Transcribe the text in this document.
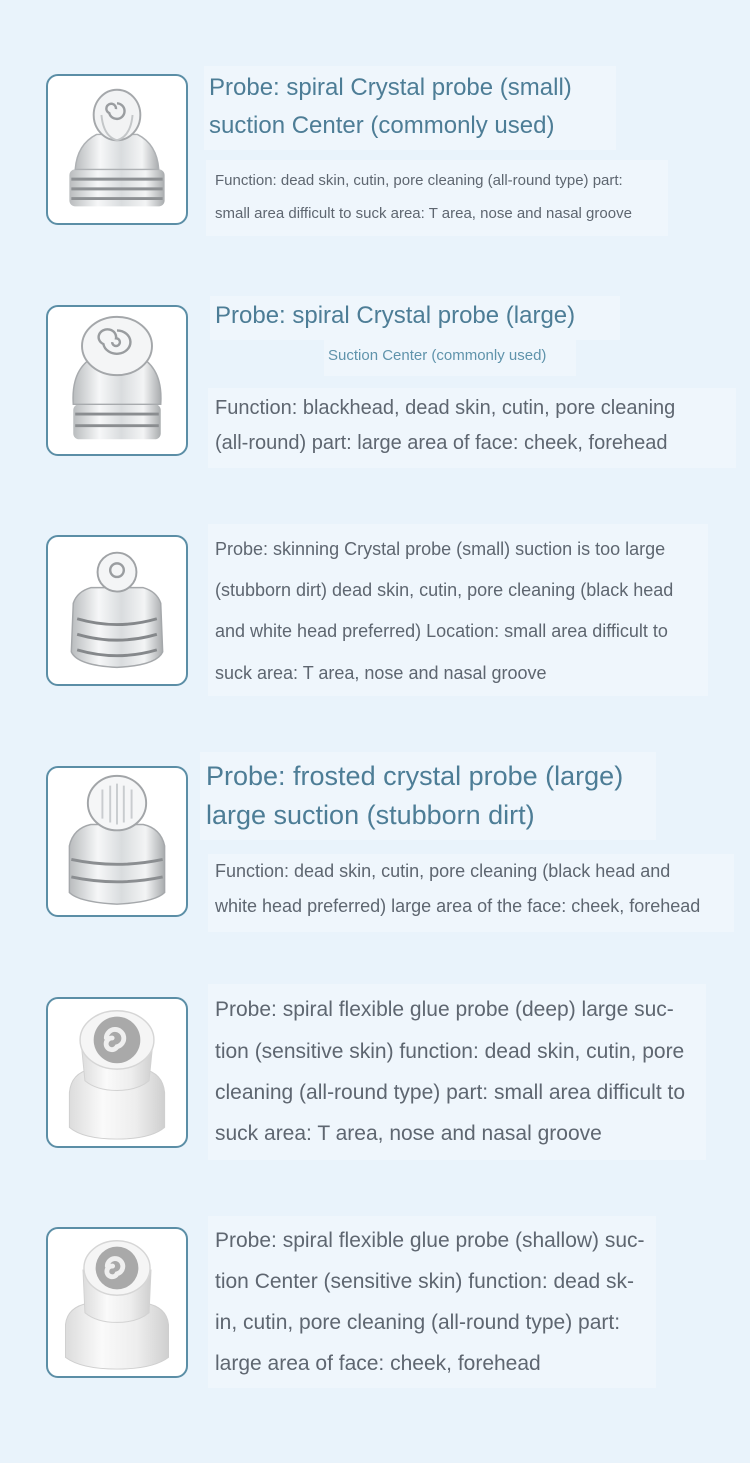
Probe: spiral Crystal probe (small)
suction Center (commonly used)
Function: dead skin, cutin, pore cleaning (all-round type) part:
small area difficult to suck area: T area, nose and nasal groove
Probe: spiral Crystal probe (large)
Suction Center (commonly used)
Function: blackhead, dead skin, cutin, pore cleaning
(all-round) part: large area of face: cheek, forehead
Probe: skinning Crystal probe (small) suction is too large
(stubborn dirt) dead skin, cutin, pore cleaning (black head
and white head preferred) Location: small area difficult to
suck area: T area, nose and nasal groove
Probe: frosted crystal probe (large)
large suction (stubborn dirt)
Function: dead skin, cutin, pore cleaning (black head and
white head preferred) large area of the face: cheek, forehead
Probe: spiral flexible glue probe (deep) large suc-
tion (sensitive skin) function: dead skin, cutin, pore
cleaning (all-round type) part: small area difficult to
suck area: T area, nose and nasal groove
Probe: spiral flexible glue probe (shallow) suc-
tion Center (sensitive skin) function: dead sk-
in, cutin, pore cleaning (all-round type) part:
large area of face: cheek, forehead
